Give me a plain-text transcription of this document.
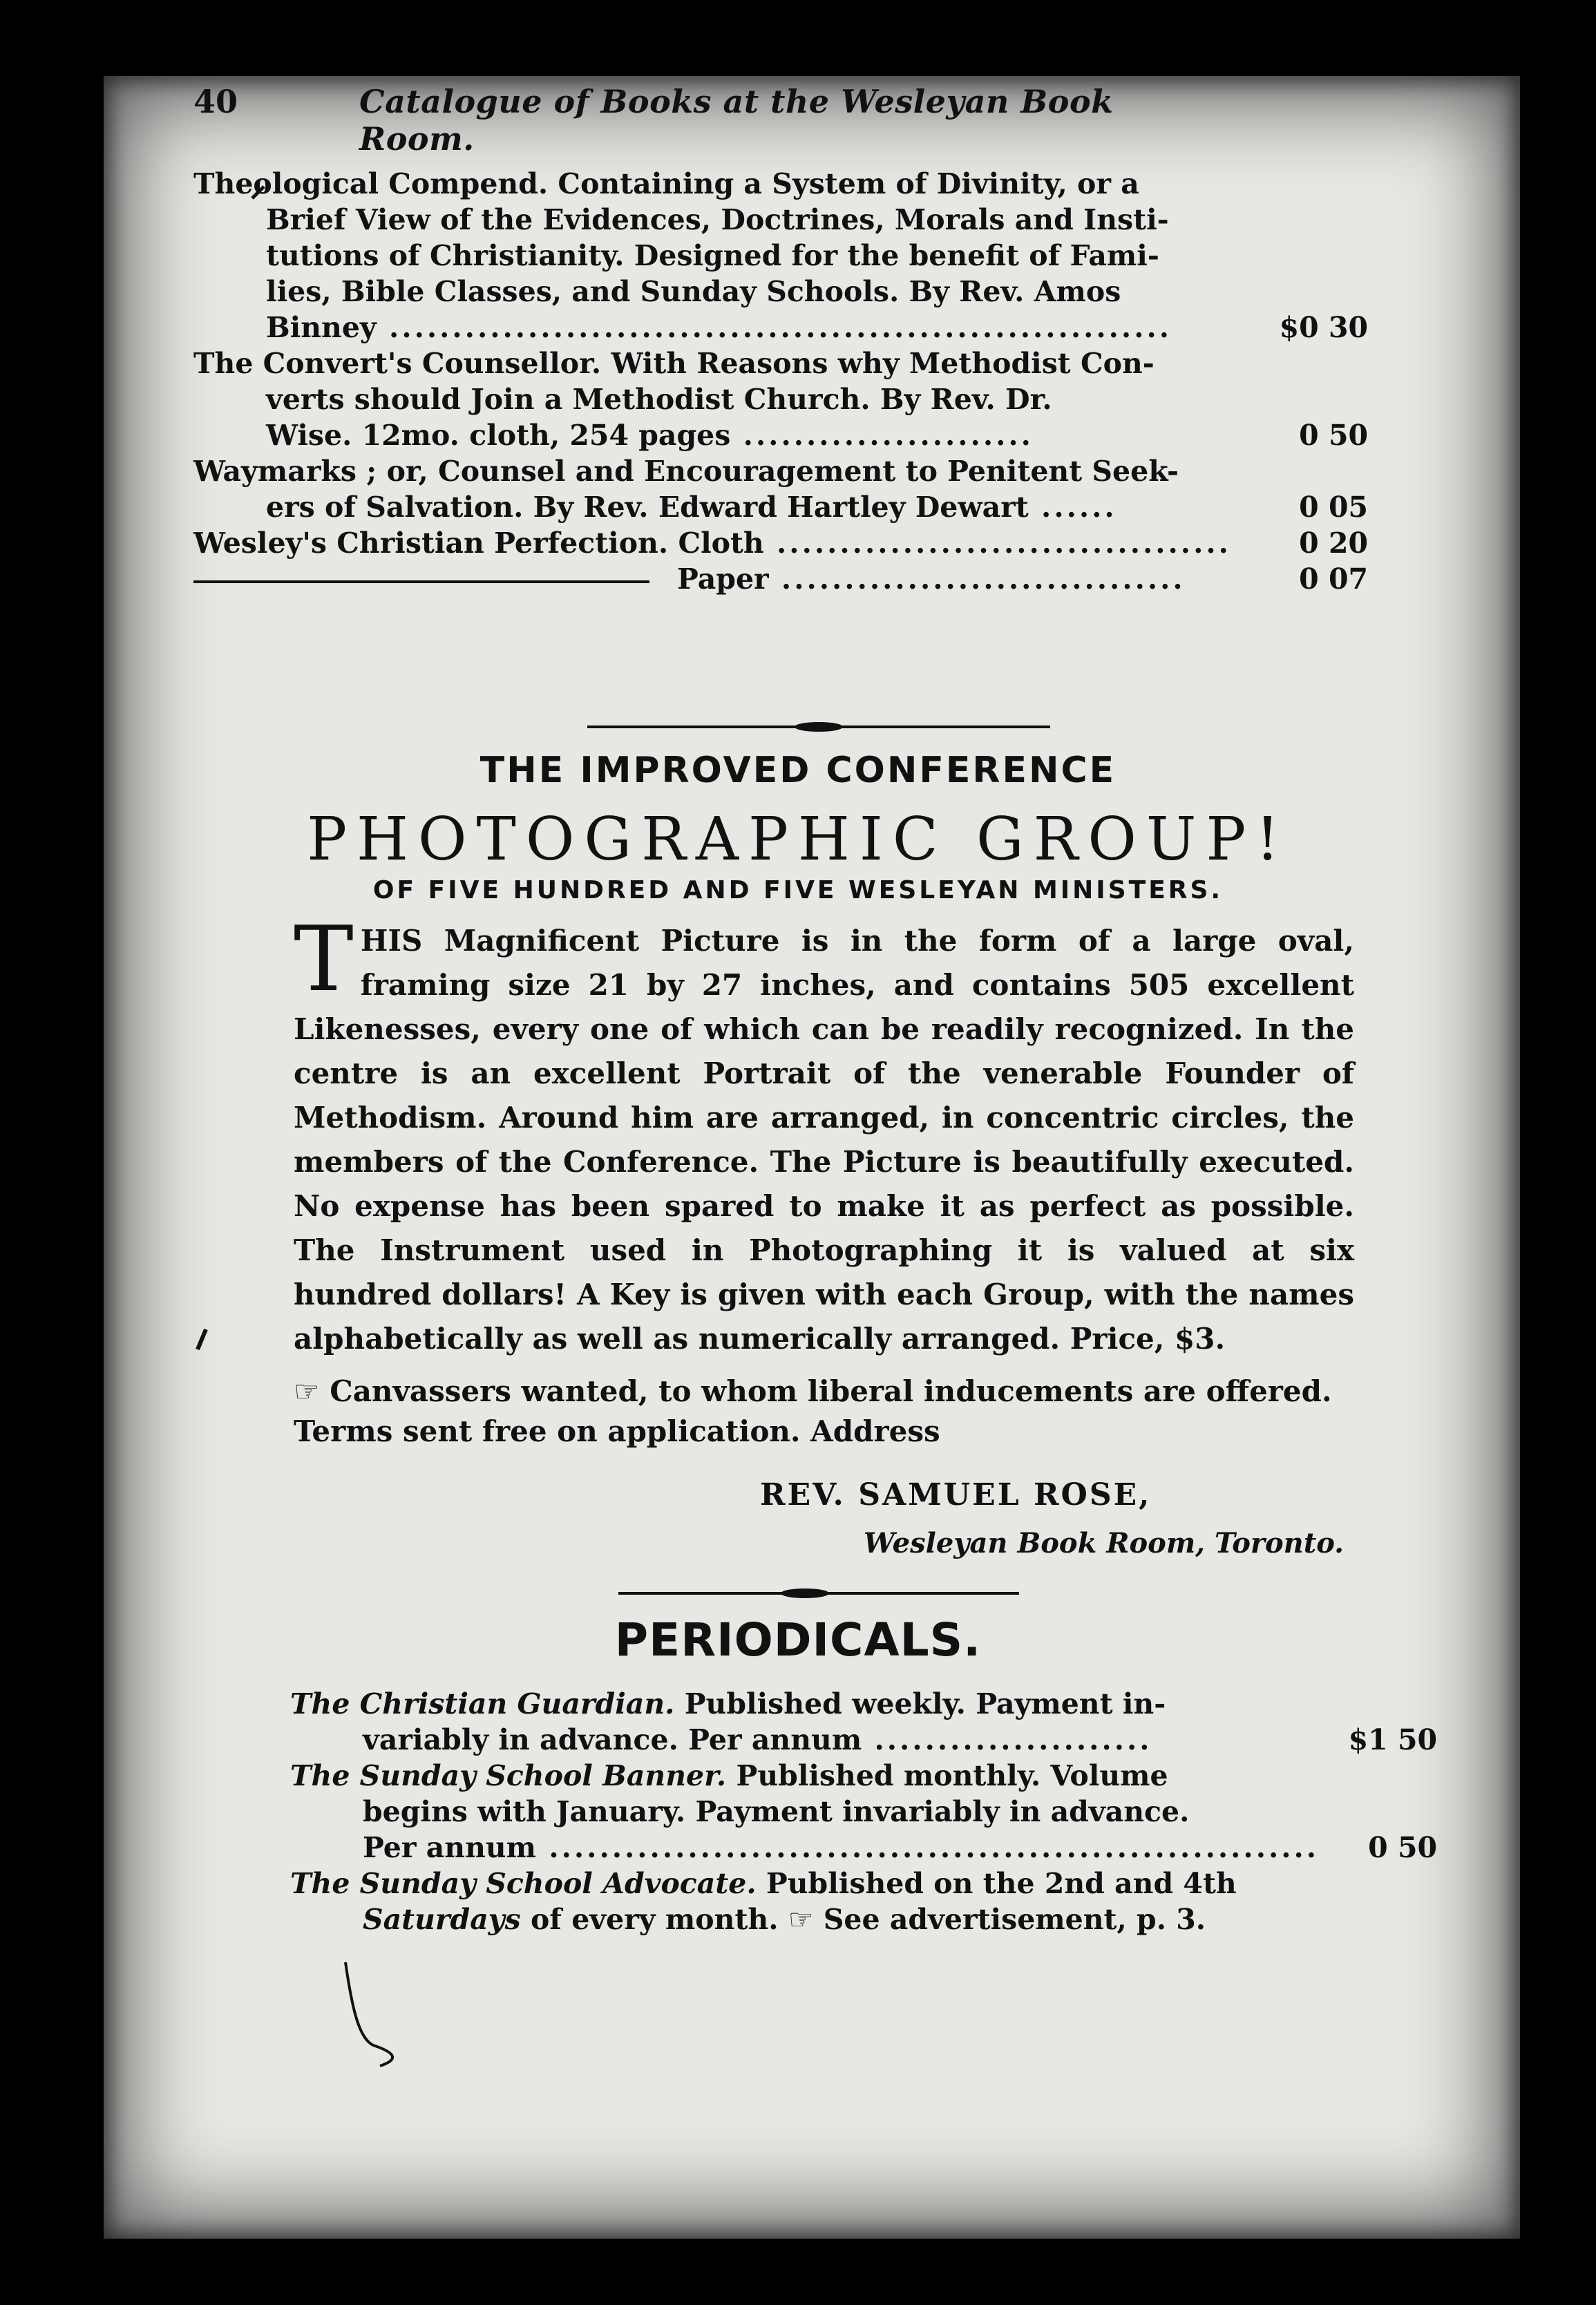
40	Catalogue of Books at the Wesleyan Book Room.
Theological Compend. Containing a System of Divinity, or a
Brief View of the Evidences, Doctrines, Morals and Insti-
tutions of Christianity. Designed for the benefit of Fami-
lies, Bible Classes, and Sunday Schools. By Rev. Amos
Binney ..............................................................	$0 30
The Convert's Counsellor. With Reasons why Methodist Con-
verts should Join a Methodist Church. By Rev. Dr.
Wise. 12mo. cloth, 254 pages .......................	0 50
Waymarks ; or, Counsel and Encouragement to Penitent Seek-
ers of Salvation. By Rev. Edward Hartley Dewart ......	0 05
Wesley's Christian Perfection. Cloth ....................................	0 20
Paper ................................	0 07
THE IMPROVED CONFERENCE
PHOTOGRAPHIC GROUP!
OF FIVE HUNDRED AND FIVE WESLEYAN MINISTERS.
THIS Magnificent Picture is in the form of a large oval, framing size 21 by 27 inches, and contains 505 excellent Likenesses, every one of which can be readily recognized. In the centre is an excellent Portrait of the venerable Founder of Methodism. Around him are arranged, in concentric circles, the members of the Conference. The Picture is beautifully executed. No expense has been spared to make it as perfect as possible. The Instrument used in Photographing it is valued at six hundred dollars! A Key is given with each Group, with the names alphabetically as well as numerically arranged. Price, $3.
☞ Canvassers wanted, to whom liberal inducements are offered. Terms sent free on application. Address
REV. SAMUEL ROSE,
Wesleyan Book Room, Toronto.
PERIODICALS.
The Christian Guardian. Published weekly. Payment in-
variably in advance. Per annum ......................	$1 50
The Sunday School Banner. Published monthly. Volume
begins with January. Payment invariably in advance.
Per annum .............................................................	0 50
The Sunday School Advocate. Published on the 2nd and 4th
Saturdays of every month. ☞ See advertisement, p. 3.
